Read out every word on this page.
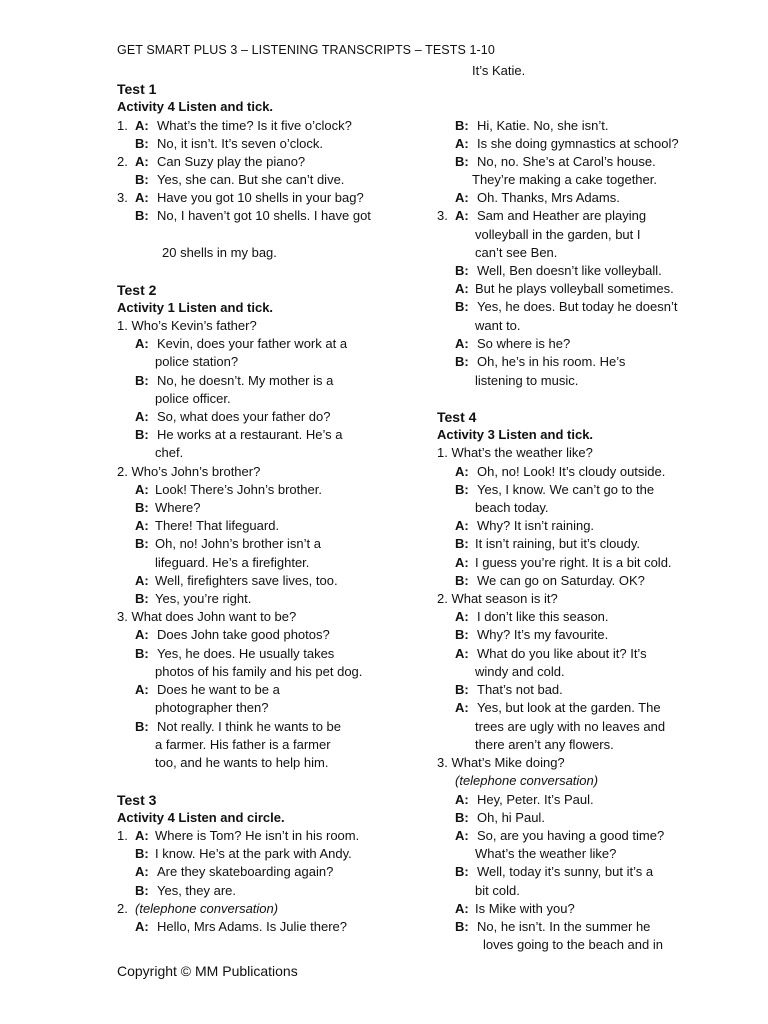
GET SMART PLUS 3 – LISTENING TRANSCRIPTS – TESTS 1-10
Test 1
Activity 4 Listen and tick.
1. A: What’s the time? Is it five o’clock?
B: No, it isn’t. It’s seven o’clock.
2. A: Can Suzy play the piano?
B: Yes, she can. But she can’t dive.
3. A: Have you got 10 shells in your bag?
B: No, I haven’t got 10 shells. I have got
20 shells in my bag.
Test 2
Activity 1 Listen and tick.
1. Who’s Kevin’s father?
A: Kevin, does your father work at a
police station?
B: No, he doesn’t. My mother is a
police officer.
A: So, what does your father do?
B: He works at a restaurant. He’s a
chef.
2. Who’s John’s brother?
A: Look! There’s John’s brother.
B: Where?
A: There! That lifeguard.
B: Oh, no! John’s brother isn’t a
lifeguard. He’s a firefighter.
A: Well, firefighters save lives, too.
B: Yes, you’re right.
3. What does John want to be?
A: Does John take good photos?
B: Yes, he does. He usually takes
photos of his family and his pet dog.
A: Does he want to be a
photographer then?
B: Not really. I think he wants to be
a farmer. His father is a farmer
too, and he wants to help him.
Test 3
Activity 4 Listen and circle.
1. A: Where is Tom? He isn’t in his room.
B: I know. He’s at the park with Andy.
A: Are they skateboarding again?
B: Yes, they are.
2. (telephone conversation)
A: Hello, Mrs Adams. Is Julie there?
It’s Katie.
B: Hi, Katie. No, she isn’t.
A: Is she doing gymnastics at school?
B: No, no. She’s at Carol’s house.
They’re making a cake together.
A: Oh. Thanks, Mrs Adams.
3. A: Sam and Heather are playing
volleyball in the garden, but I
can’t see Ben.
B: Well, Ben doesn’t like volleyball.
A: But he plays volleyball sometimes.
B: Yes, he does. But today he doesn’t
want to.
A: So where is he?
B: Oh, he’s in his room. He’s
listening to music.
Test 4
Activity 3 Listen and tick.
1. What’s the weather like?
A: Oh, no! Look! It’s cloudy outside.
B: Yes, I know. We can’t go to the
beach today.
A: Why? It isn’t raining.
B: It isn’t raining, but it’s cloudy.
A: I guess you’re right. It is a bit cold.
B: We can go on Saturday. OK?
2. What season is it?
A: I don’t like this season.
B: Why? It’s my favourite.
A: What do you like about it? It’s
windy and cold.
B: That’s not bad.
A: Yes, but look at the garden. The
trees are ugly with no leaves and
there aren’t any flowers.
3. What’s Mike doing?
(telephone conversation)
A: Hey, Peter. It’s Paul.
B: Oh, hi Paul.
A: So, are you having a good time?
What’s the weather like?
B: Well, today it’s sunny, but it’s a
bit cold.
A: Is Mike with you?
B: No, he isn’t. In the summer he
loves going to the beach and in
Copyright © MM Publications
